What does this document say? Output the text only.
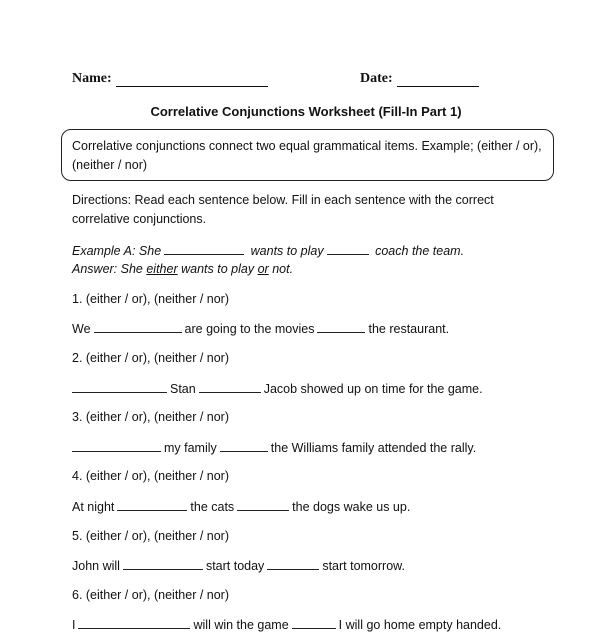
Name:	Date:
Correlative Conjunctions Worksheet (Fill-In Part 1)
Correlative conjunctions connect two equal grammatical items. Example; (either / or), (neither / nor)
Directions: Read each sentence below. Fill in each sentence with the correct
correlative conjunctions.
Example A: She	wants to play	coach the team.
Answer: She either wants to play or not.
1. (either / or), (neither / nor)
We	are going to the movies	the restaurant.
2. (either / or), (neither / nor)
Stan	Jacob showed up on time for the game.
3. (either / or), (neither / nor)
my family	the Williams family attended the rally.
4. (either / or), (neither / nor)
At night	the cats	the dogs wake us up.
5. (either / or), (neither / nor)
John will	start today	start tomorrow.
6. (either / or), (neither / nor)
I	will win the game	I will go home empty handed.
